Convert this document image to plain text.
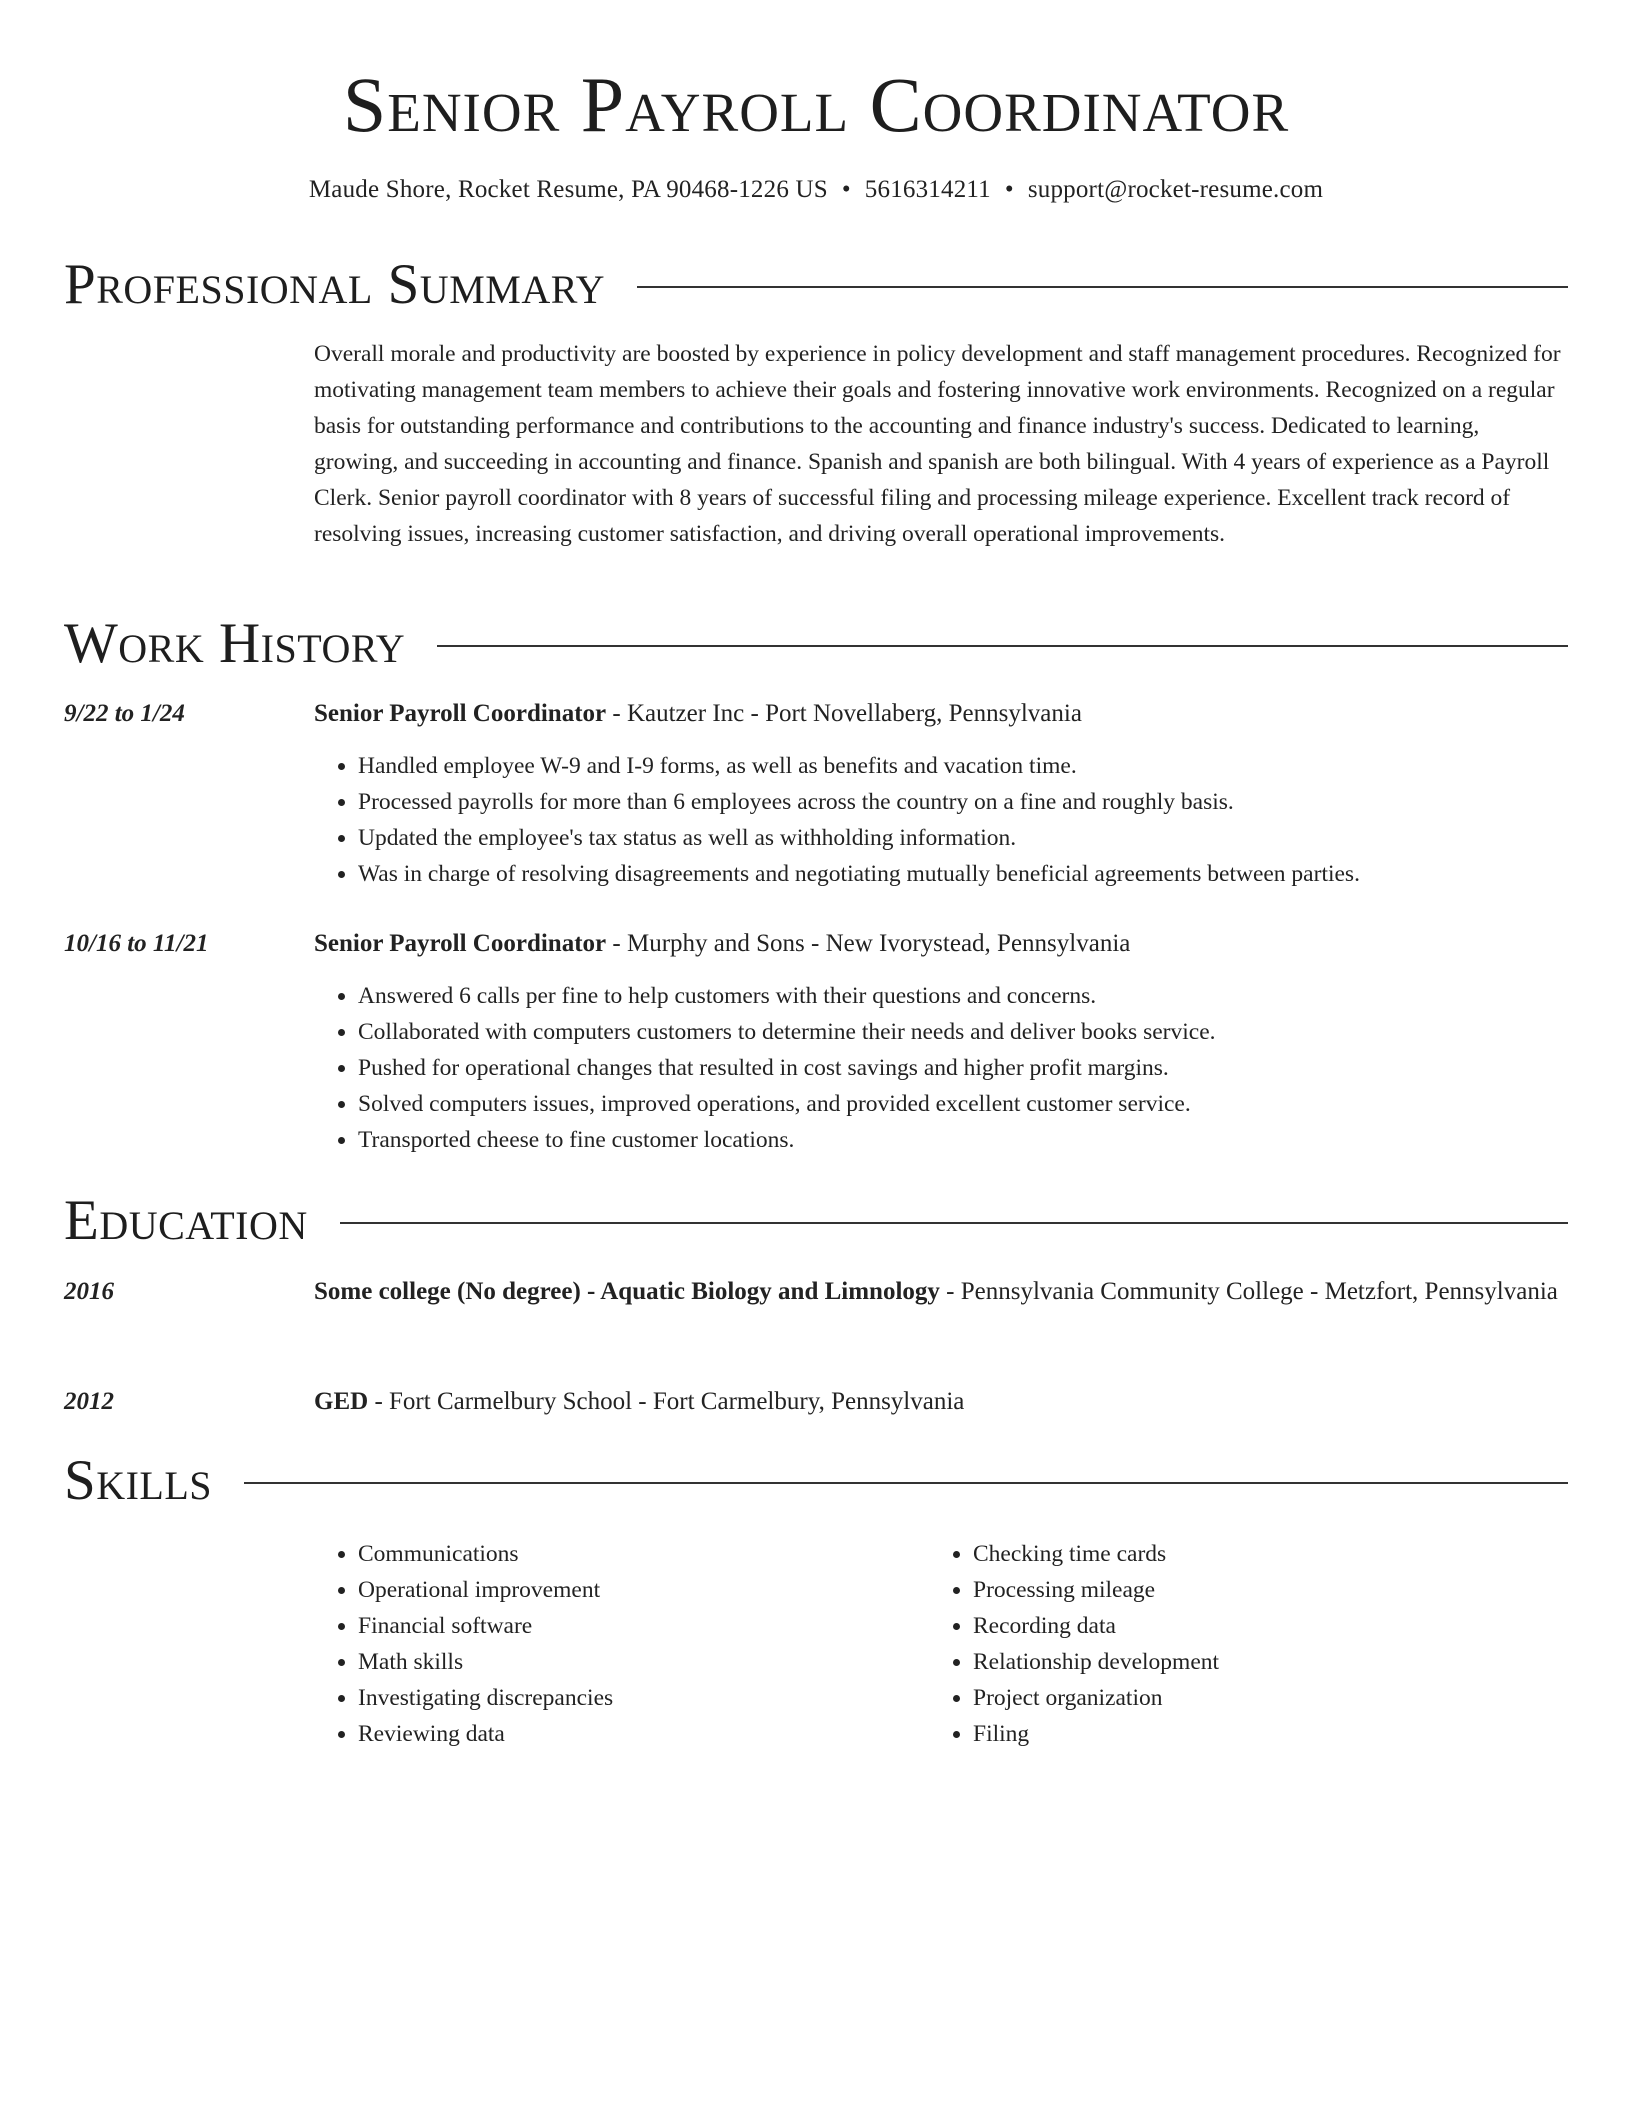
Senior Payroll Coordinator
Maude Shore, Rocket Resume, PA 90468-1226 US • 5616314211 • support@rocket-resume.com
Professional Summary

Overall morale and productivity are boosted by experience in policy development and staff management procedures. Recognized for motivating management team members to achieve their goals and fostering innovative work environments. Recognized on a regular basis for outstanding performance and contributions to the accounting and finance industry's success. Dedicated to learning, growing, and succeeding in accounting and finance. Spanish and spanish are both bilingual. With 4 years of experience as a Payroll Clerk. Senior payroll coordinator with 8 years of successful filing and processing mileage experience. Excellent track record of resolving issues, increasing customer satisfaction, and driving overall operational improvements.

Work History
9/22 to 1/24	Senior Payroll Coordinator - Kautzer Inc - Port Novellaberg, Pennsylvania

• Handled employee W-9 and I-9 forms, as well as benefits and vacation time.
• Processed payrolls for more than 6 employees across the country on a fine and roughly basis.
• Updated the employee's tax status as well as withholding information.
• Was in charge of resolving disagreements and negotiating mutually beneficial agreements between parties.
10/16 to 11/21	Senior Payroll Coordinator - Murphy and Sons - New Ivorystead, Pennsylvania

• Answered 6 calls per fine to help customers with their questions and concerns.
• Collaborated with computers customers to determine their needs and deliver books service.
• Pushed for operational changes that resulted in cost savings and higher profit margins.
• Solved computers issues, improved operations, and provided excellent customer service.
• Transported cheese to fine customer locations.
Education
2016	Some college (No degree) - Aquatic Biology and Limnology - Pennsylvania Community College - Metzfort, Pennsylvania

2012	GED - Fort Carmelbury School - Fort Carmelbury, Pennsylvania

Skills
• Communications
• Operational improvement
• Financial software
• Math skills
• Investigating discrepancies
• Reviewing data
• Checking time cards
• Processing mileage
• Recording data
• Relationship development
• Project organization
• Filing
